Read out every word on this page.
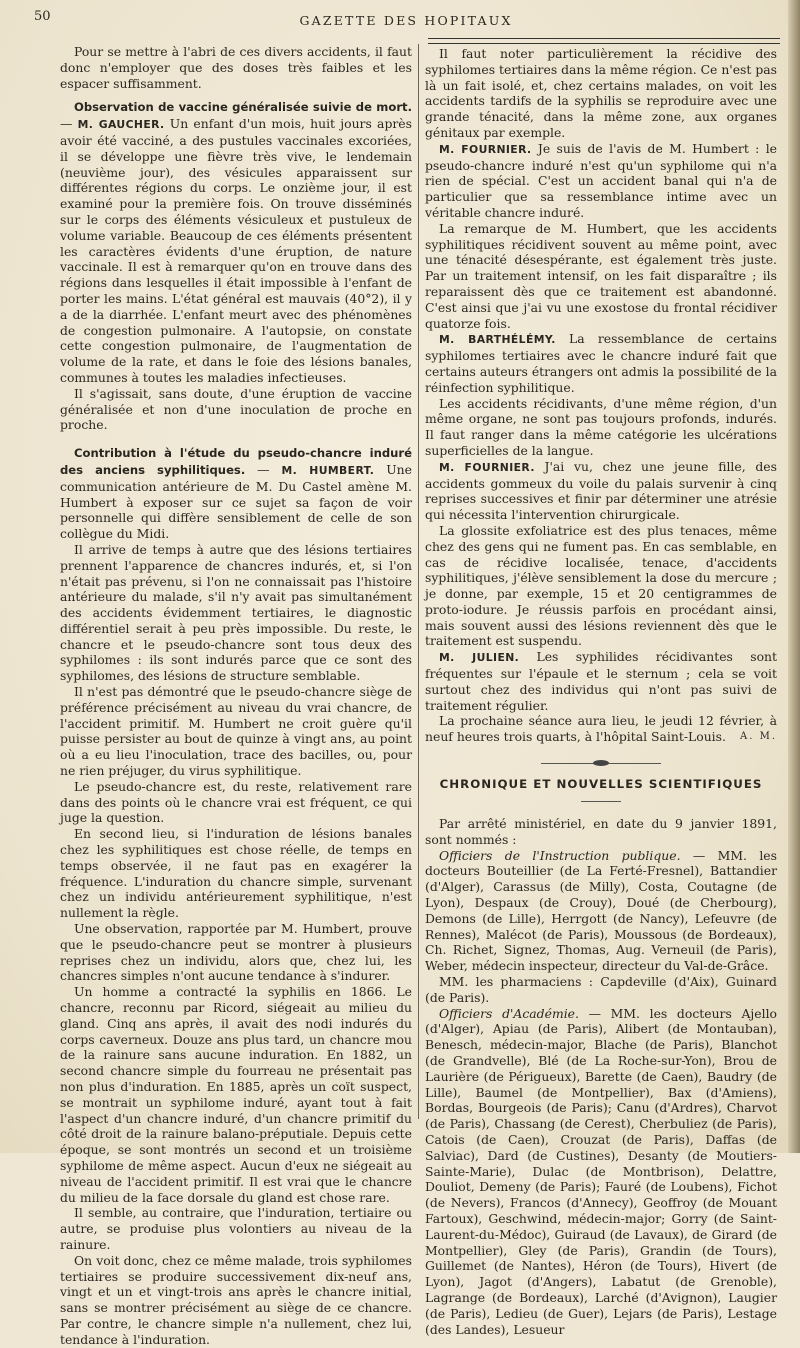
50	GAZETTE DES HOPITAUX

Pour se mettre à l'abri de ces divers accidents, il faut donc n'employer que des doses très faibles et les espacer suffisamment.

Observation de vaccine généralisée suivie de mort. — M. GAUCHER. Un enfant d'un mois, huit jours après avoir été vacciné, a des pustules vaccinales excoriées, il se développe une fièvre très vive, le lendemain (neuvième jour), des vésicules apparaissent sur différentes régions du corps. Le onzième jour, il est examiné pour la première fois. On trouve disséminés sur le corps des éléments vésiculeux et pustuleux de volume variable. Beaucoup de ces éléments présentent les caractères évidents d'une éruption, de nature vaccinale. Il est à remarquer qu'on en trouve dans des régions dans lesquelles il était impossible à l'enfant de porter les mains. L'état général est mauvais (40°2), il y a de la diarrhée. L'enfant meurt avec des phénomènes de congestion pulmonaire. A l'autopsie, on constate cette congestion pulmonaire, de l'augmentation de volume de la rate, et dans le foie des lésions banales, communes à toutes les maladies infectieuses.

Il s'agissait, sans doute, d'une éruption de vaccine généralisée et non d'une inoculation de proche en proche.

Contribution à l'étude du pseudo-chancre induré des anciens syphilitiques. — M. HUMBERT. Une communication antérieure de M. Du Castel amène M. Humbert à exposer sur ce sujet sa façon de voir personnelle qui diffère sensiblement de celle de son collègue du Midi.

Il arrive de temps à autre que des lésions tertiaires prennent l'apparence de chancres indurés, et, si l'on n'était pas prévenu, si l'on ne connaissait pas l'histoire antérieure du malade, s'il n'y avait pas simultanément des accidents évidemment tertiaires, le diagnostic différentiel serait à peu près impossible. Du reste, le chancre et le pseudo-chancre sont tous deux des syphilomes : ils sont indurés parce que ce sont des syphilomes, des lésions de structure semblable.

Il n'est pas démontré que le pseudo-chancre siège de préférence précisément au niveau du vrai chancre, de l'accident primitif. M. Humbert ne croit guère qu'il puisse persister au bout de quinze à vingt ans, au point où a eu lieu l'inoculation, trace des bacilles, ou, pour ne rien préjuger, du virus syphilitique.

Le pseudo-chancre est, du reste, relativement rare dans des points où le chancre vrai est fréquent, ce qui juge la question.

En second lieu, si l'induration de lésions banales chez les syphilitiques est chose réelle, de temps en temps observée, il ne faut pas en exagérer la fréquence. L'induration du chancre simple, survenant chez un individu antérieurement syphilitique, n'est nullement la règle.

Une observation, rapportée par M. Humbert, prouve que le pseudo-chancre peut se montrer à plusieurs reprises chez un individu, alors que, chez lui, les chancres simples n'ont aucune tendance à s'indurer.

Un homme a contracté la syphilis en 1866. Le chancre, reconnu par Ricord, siégeait au milieu du gland. Cinq ans après, il avait des nodi indurés du corps caverneux. Douze ans plus tard, un chancre mou de la rainure sans aucune induration. En 1882, un second chancre simple du fourreau ne présentait pas non plus d'induration. En 1885, après un coït suspect, se montrait un syphilome induré, ayant tout à fait l'aspect d'un chancre induré, d'un chancre primitif du côté droit de la rainure balano-préputiale. Depuis cette époque, se sont montrés un second et un troisième syphilome de même aspect. Aucun d'eux ne siégeait au niveau de l'accident primitif. Il est vrai que le chancre du milieu de la face dorsale du gland est chose rare.

Il semble, au contraire, que l'induration, tertiaire ou autre, se produise plus volontiers au niveau de la rainure.

On voit donc, chez ce même malade, trois syphilomes tertiaires se produire successivement dix-neuf ans, vingt et un et vingt-trois ans après le chancre initial, sans se montrer précisément au siège de ce chancre. Par contre, le chancre simple n'a nullement, chez lui, tendance à l'induration.

Il faut noter particulièrement la récidive des syphilomes tertiaires dans la même région. Ce n'est pas là un fait isolé, et, chez certains malades, on voit les accidents tardifs de la syphilis se reproduire avec une grande ténacité, dans la même zone, aux organes génitaux par exemple.

M. FOURNIER. Je suis de l'avis de M. Humbert : le pseudo-chancre induré n'est qu'un syphilome qui n'a rien de spécial. C'est un accident banal qui n'a de particulier que sa ressemblance intime avec un véritable chancre induré.

La remarque de M. Humbert, que les accidents syphilitiques récidivent souvent au même point, avec une ténacité désespérante, est également très juste. Par un traitement intensif, on les fait disparaître ; ils reparaissent dès que ce traitement est abandonné. C'est ainsi que j'ai vu une exostose du frontal récidiver quatorze fois.

M. BARTHÉLÉMY. La ressemblance de certains syphilomes tertiaires avec le chancre induré fait que certains auteurs étrangers ont admis la possibilité de la réinfection syphilitique.

Les accidents récidivants, d'une même région, d'un même organe, ne sont pas toujours profonds, indurés. Il faut ranger dans la même catégorie les ulcérations superficielles de la langue.

M. FOURNIER. J'ai vu, chez une jeune fille, des accidents gommeux du voile du palais survenir à cinq reprises successives et finir par déterminer une atrésie qui nécessita l'intervention chirurgicale.

La glossite exfoliatrice est des plus tenaces, même chez des gens qui ne fument pas. En cas semblable, en cas de récidive localisée, tenace, d'accidents syphilitiques, j'élève sensiblement la dose du mercure ; je donne, par exemple, 15 et 20 centigrammes de proto-iodure. Je réussis parfois en procédant ainsi, mais souvent aussi des lésions reviennent dès que le traitement est suspendu.

M. JULIEN. Les syphilides récidivantes sont fréquentes sur l'épaule et le sternum ; cela se voit surtout chez des individus qui n'ont pas suivi de traitement régulier.

La prochaine séance aura lieu, le jeudi 12 février, à neuf heures trois quarts, à l'hôpital Saint-Louis.	A. M.

CHRONIQUE ET NOUVELLES SCIENTIFIQUES

Par arrêté ministériel, en date du 9 janvier 1891, sont nommés :

Officiers de l'Instruction publique. — MM. les docteurs Bouteillier (de La Ferté-Fresnel), Battandier (d'Alger), Carassus (de Milly), Costa, Coutagne (de Lyon), Despaux (de Crouy), Doué (de Cherbourg), Demons (de Lille), Herrgott (de Nancy), Lefeuvre (de Rennes), Malécot (de Paris), Moussous (de Bordeaux), Ch. Richet, Signez, Thomas, Aug. Verneuil (de Paris), Weber, médecin inspecteur, directeur du Val-de-Grâce.

MM. les pharmaciens : Capdeville (d'Aix), Guinard (de Paris).

Officiers d'Académie. — MM. les docteurs Ajello (d'Alger), Apiau (de Paris), Alibert (de Montauban), Benesch, médecin-major, Blache (de Paris), Blanchot (de Grandvelle), Blé (de La Roche-sur-Yon), Brou de Laurière (de Périgueux), Barette (de Caen), Baudry (de Lille), Baumel (de Montpellier), Bax (d'Amiens), Bordas, Bourgeois (de Paris); Canu (d'Ardres), Charvot (de Paris), Chassang (de Cerest), Cherbuliez (de Paris), Catois (de Caen), Crouzat (de Paris), Daffas (de Salviac), Dard (de Custines), Desanty (de Moutiers-Sainte-Marie), Dulac (de Montbrison), Delattre, Douliot, Demeny (de Paris); Fauré (de Loubens), Fichot (de Nevers), Francos (d'Annecy), Geoffroy (de Mouant Fartoux), Geschwind, médecin-major; Gorry (de Saint-Laurent-du-Médoc), Guiraud (de Lavaux), de Girard (de Montpellier), Gley (de Paris), Grandin (de Tours), Guillemet (de Nantes), Héron (de Tours), Hivert (de Lyon), Jagot (d'Angers), Labatut (de Grenoble), Lagrange (de Bordeaux), Larché (d'Avignon), Laugier (de Paris), Ledieu (de Guer), Lejars (de Paris), Lestage (des Landes), Lesueur
